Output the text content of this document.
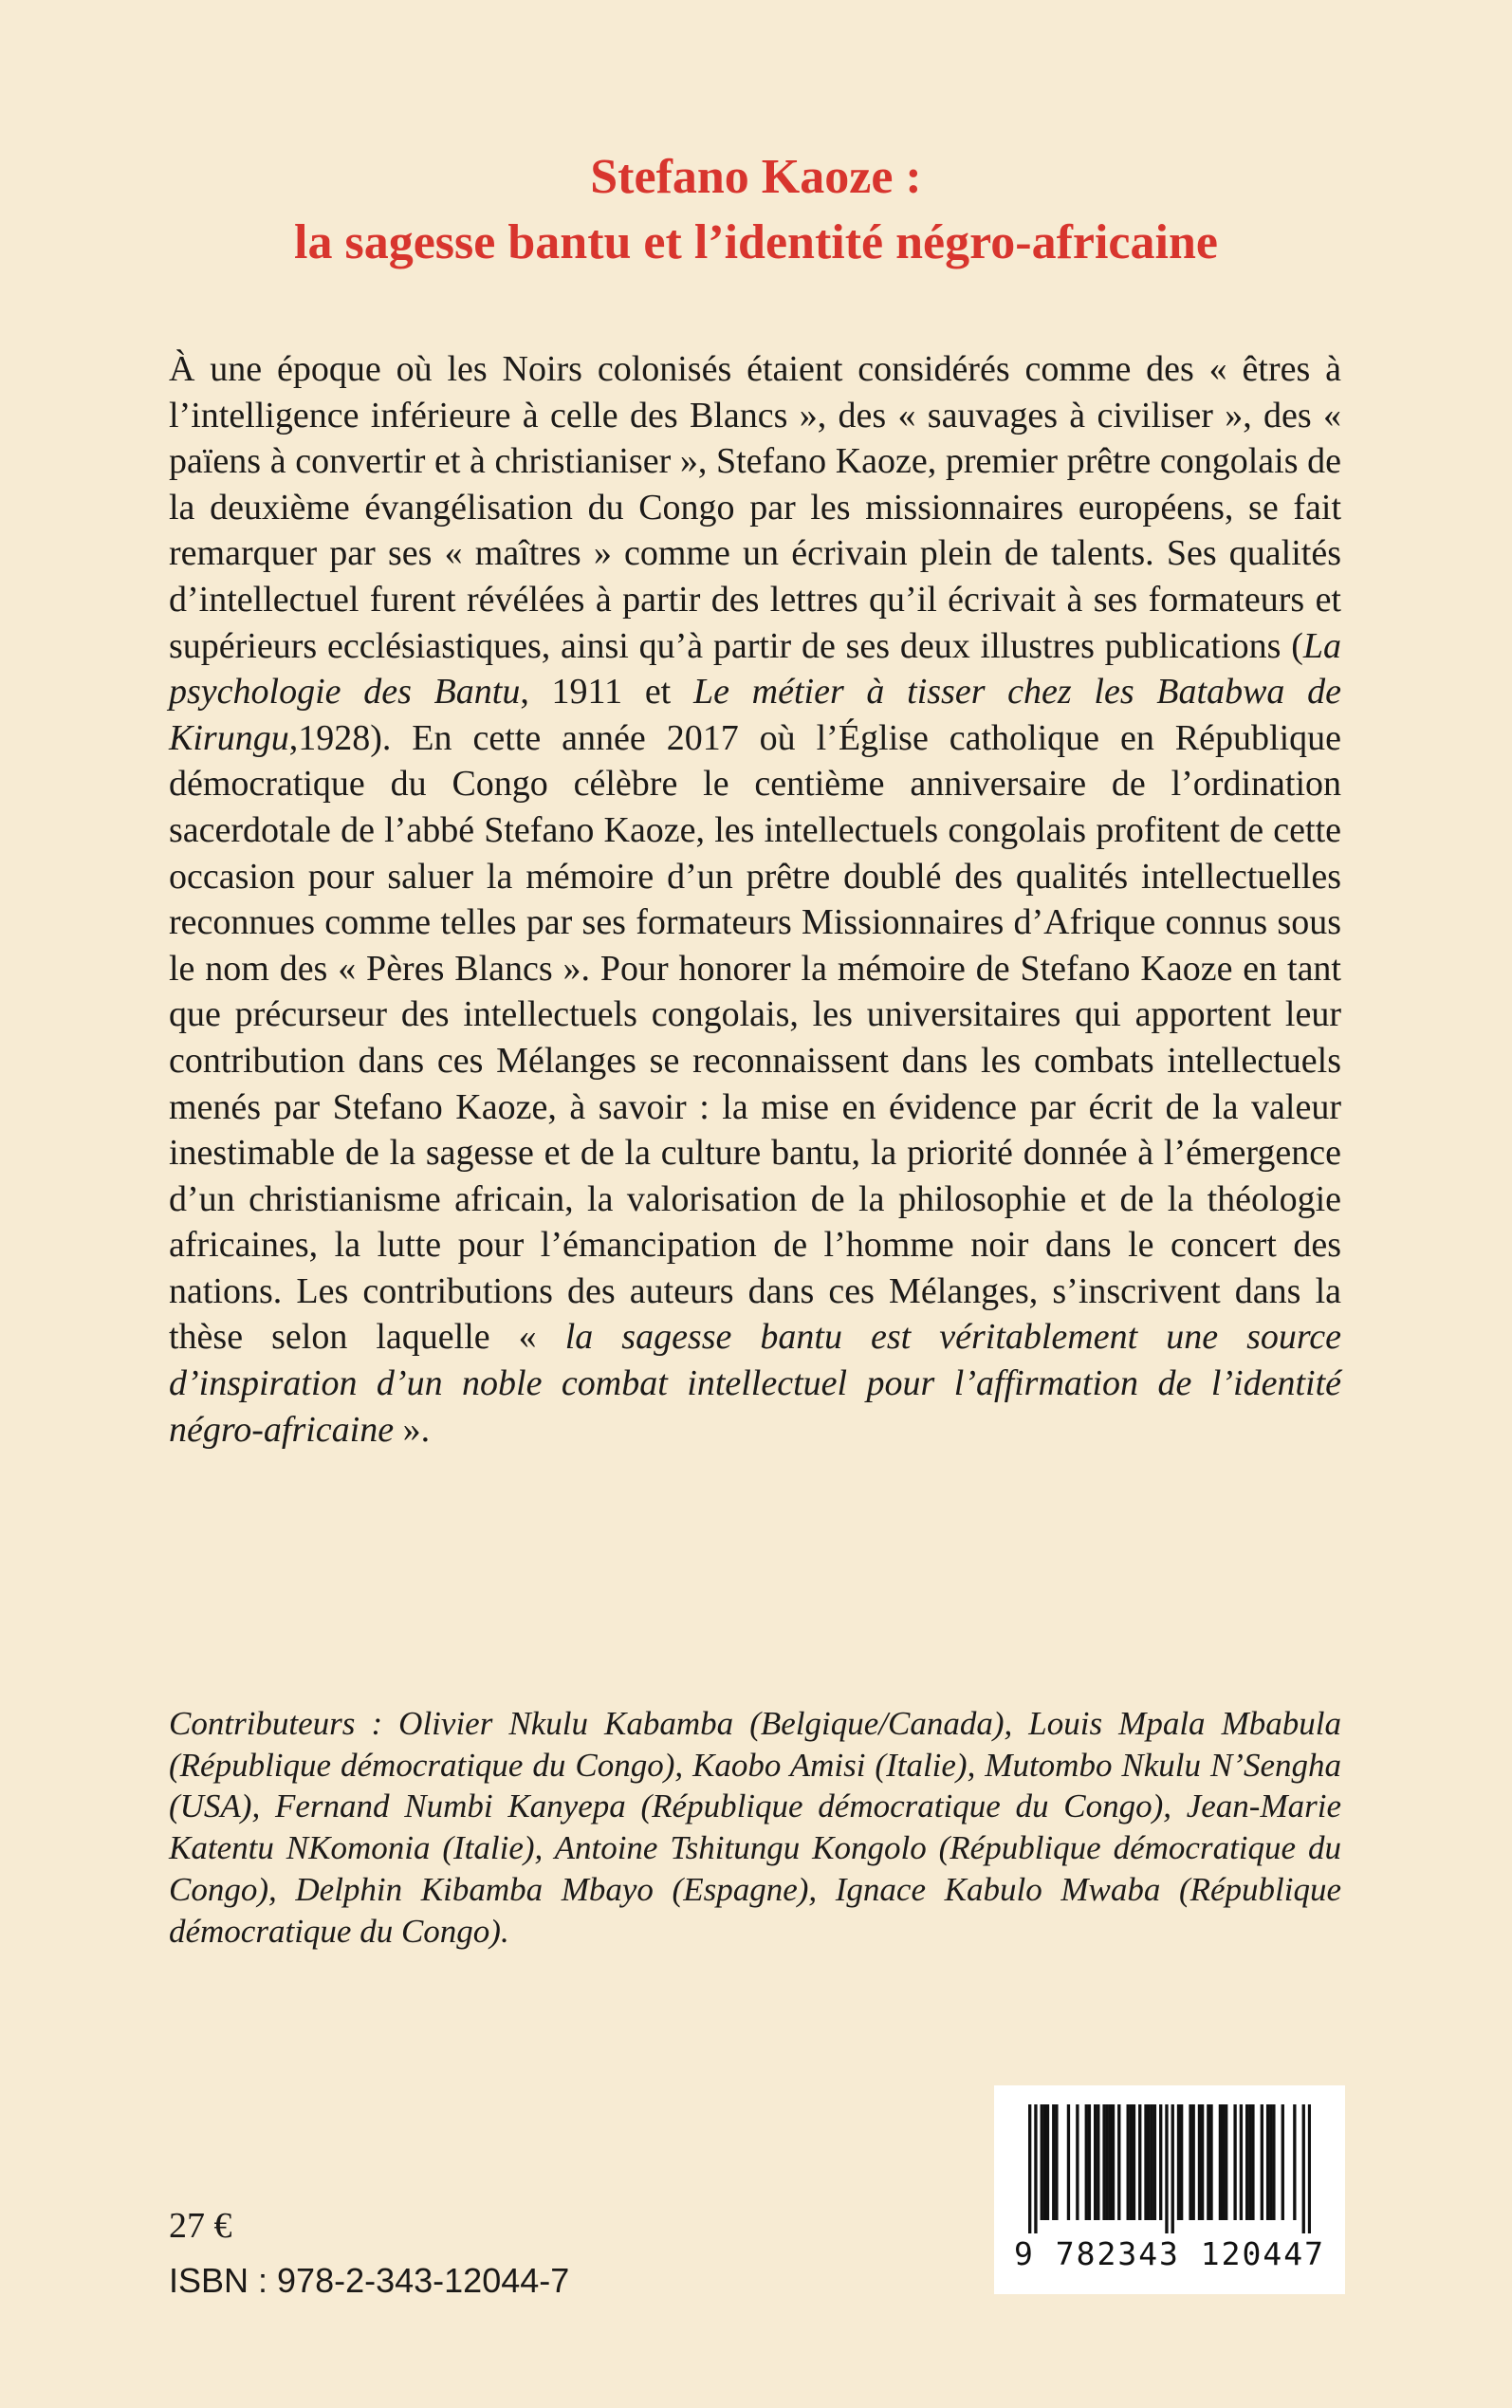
Stefano Kaoze :
la sagesse bantu et l’identité négro-africaine

À une époque où les Noirs colonisés étaient considérés comme des « êtres à l’intelligence inférieure à celle des Blancs », des « sauvages à civiliser », des « païens à convertir et à christianiser », Stefano Kaoze, premier prêtre congolais de la deuxième évangélisation du Congo par les missionnaires européens, se fait remarquer par ses « maîtres » comme un écrivain plein de talents. Ses qualités d’intellectuel furent révélées à partir des lettres qu’il écrivait à ses formateurs et supérieurs ecclésiastiques, ainsi qu’à partir de ses deux illustres publications (La psychologie des Bantu, 1911 et Le métier à tisser chez les Batabwa de Kirungu,1928). En cette année 2017 où l’Église catholique en République démocratique du Congo célèbre le centième anniversaire de l’ordination sacerdotale de l’abbé Stefano Kaoze, les intellectuels congolais profitent de cette occasion pour saluer la mémoire d’un prêtre doublé des qualités intellectuelles reconnues comme telles par ses formateurs Missionnaires d’Afrique connus sous le nom des « Pères Blancs ». Pour honorer la mémoire de Stefano Kaoze en tant que précurseur des intellectuels congolais, les universitaires qui apportent leur contribution dans ces Mélanges se reconnaissent dans les combats intellectuels menés par Stefano Kaoze, à savoir : la mise en évidence par écrit de la valeur inestimable de la sagesse et de la culture bantu, la priorité donnée à l’émergence d’un christianisme africain, la valorisation de la philosophie et de la théologie africaines, la lutte pour l’émancipation de l’homme noir dans le concert des nations. Les contributions des auteurs dans ces Mélanges, s’inscrivent dans la thèse selon laquelle « la sagesse bantu est véritablement une source d’inspiration d’un noble combat intellectuel pour l’affirmation de l’identité négro-africaine ».

Contributeurs : Olivier Nkulu Kabamba (Belgique/Canada), Louis Mpala Mbabula (République démocratique du Congo), Kaobo Amisi (Italie), Mutombo Nkulu N’Sengha (USA), Fernand Numbi Kanyepa (République démocratique du Congo), Jean-Marie Katentu NKomonia (Italie), Antoine Tshitungu Kongolo (République démocratique du Congo), Delphin Kibamba Mbayo (Espagne), Ignace Kabulo Mwaba (République démocratique du Congo).

27 €
ISBN : 978-2-343-12044-7
9 782343 120447
